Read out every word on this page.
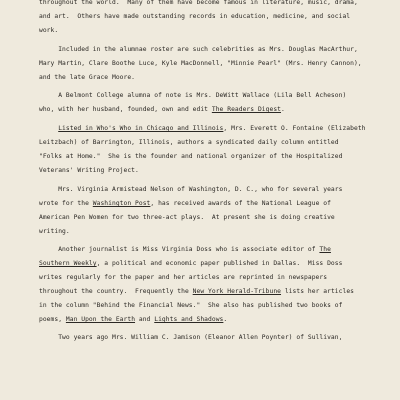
throughout the world.  Many of them have become famous in literature, music, drama,
and art.  Others have made outstanding records in education, medicine, and social
work.
Included in the alumnae roster are such celebrities as Mrs. Douglas MacArthur,
Mary Martin, Clare Boothe Luce, Kyle MacDonnell, "Minnie Pearl" (Mrs. Henry Cannon),
and the late Grace Moore.
A Belmont College alumna of note is Mrs. DeWitt Wallace (Lila Bell Acheson)
who, with her husband, founded, own and edit The Readers Digest.
Listed in Who's Who in Chicago and Illinois, Mrs. Everett O. Fontaine (Elizabeth
Leitzbach) of Barrington, Illinois, authors a syndicated daily column entitled
"Folks at Home."  She is the founder and national organizer of the Hospitalized
Veterans' Writing Project.
Mrs. Virginia Armistead Nelson of Washington, D. C., who for several years
wrote for the Washington Post, has received awards of the National League of
American Pen Women for two three-act plays.  At present she is doing creative
writing.
Another journalist is Miss Virginia Doss who is associate editor of The
Southern Weekly, a political and economic paper published in Dallas.  Miss Doss
writes regularly for the paper and her articles are reprinted in newspapers
throughout the country.  Frequently the New York Herald-Tribune lists her articles
in the column "Behind the Financial News."  She also has published two books of
poems, Man Upon the Earth and Lights and Shadows.
Two years ago Mrs. William C. Jamison (Eleanor Allen Poynter) of Sullivan,
